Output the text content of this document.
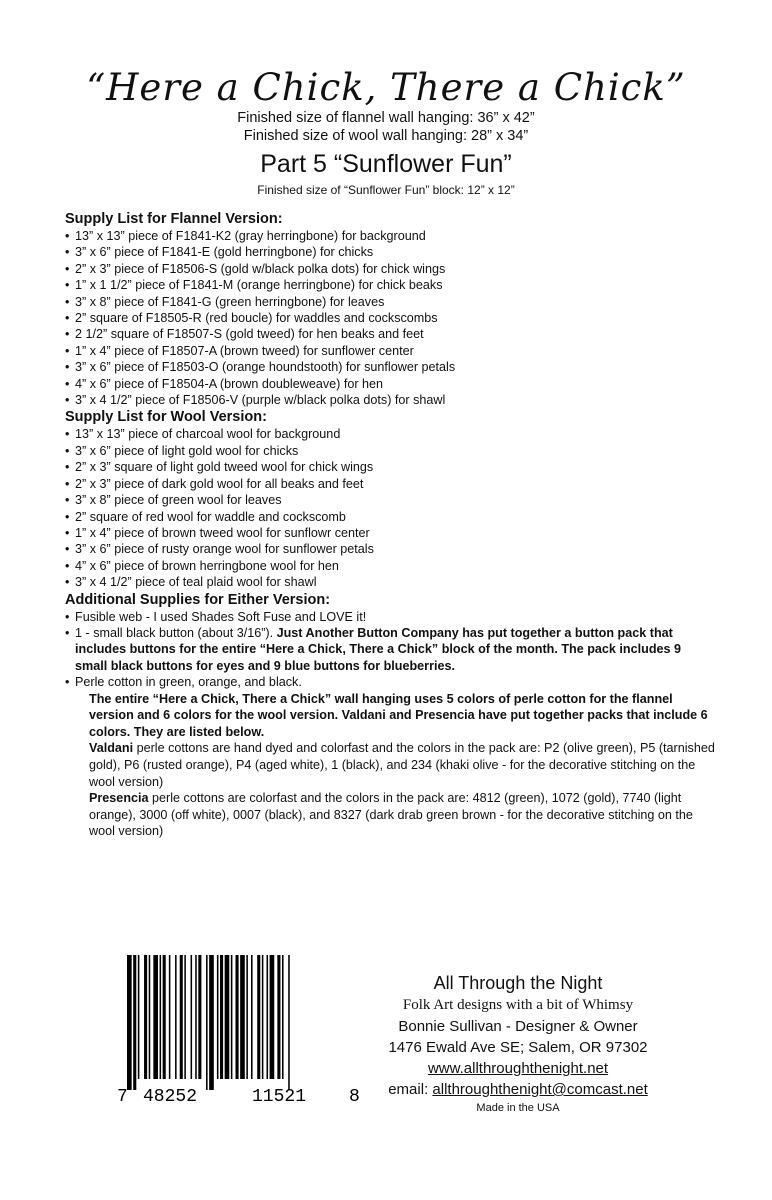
“Here a Chick, There a Chick”
Finished size of flannel wall hanging: 36” x 42”
Finished size of wool wall hanging: 28” x 34”
Part 5 “Sunflower Fun”
Finished size of “Sunflower Fun” block: 12” x 12”
Supply List for Flannel Version:
• 13” x 13” piece of F1841-K2 (gray herringbone) for background
• 3” x 6” piece of F1841-E (gold herringbone) for chicks
• 2” x 3” piece of F18506-S (gold w/black polka dots) for chick wings
• 1” x 1 1/2” piece of F1841-M (orange herringbone) for chick beaks
• 3” x 8” piece of F1841-G (green herringbone) for leaves
• 2” square of F18505-R (red boucle) for waddles and cockscombs
• 2 1/2” square of F18507-S (gold tweed) for hen beaks and feet
• 1” x 4” piece of F18507-A (brown tweed) for sunflower center
• 3” x 6” piece of F18503-O (orange houndstooth) for sunflower petals
• 4” x 6” piece of F18504-A (brown doubleweave) for hen
• 3” x 4 1/2” piece of F18506-V (purple w/black polka dots) for shawl
Supply List for Wool Version:
• 13” x 13” piece of charcoal wool for background
• 3” x 6” piece of light gold wool for chicks
• 2” x 3” square of light gold tweed wool for chick wings
• 2” x 3” piece of dark gold wool for all beaks and feet
• 3” x 8” piece of green wool for leaves
• 2” square of red wool for waddle and cockscomb
• 1” x 4” piece of brown tweed wool for sunflowr center
• 3” x 6” piece of rusty orange wool for sunflower petals
• 4” x 6” piece of brown herringbone wool for hen
• 3” x 4 1/2” piece of teal plaid wool for shawl
Additional Supplies for Either Version:
• Fusible web - I used Shades Soft Fuse and LOVE it!
• 1 - small black button (about 3/16”). Just Another Button Company has put together a button pack that includes buttons for the entire “Here a Chick, There a Chick” block of the month. The pack includes 9 small black buttons for eyes and 9 blue buttons for blueberries.
• Perle cotton in green, orange, and black.
The entire “Here a Chick, There a Chick” wall hanging uses 5 colors of perle cotton for the flannel version and 6 colors for the wool version. Valdani and Presencia have put together packs that include 6 colors. They are listed below.
Valdani perle cottons are hand dyed and colorfast and the colors in the pack are: P2 (olive green), P5 (tarnished gold), P6 (rusted orange), P4 (aged white), 1 (black), and 234 (khaki olive - for the decorative stitching on the wool version)
Presencia perle cottons are colorfast and the colors in the pack are: 4812 (green), 1072 (gold), 7740 (light orange), 3000 (off white), 0007 (black), and 8327 (dark drab green brown - for the decorative stitching on the wool version)
7 48252	11521 8
All Through the Night
Folk Art designs with a bit of Whimsy
Bonnie Sullivan - Designer & Owner
1476 Ewald Ave SE; Salem, OR 97302
www.allthroughthenight.net
email: allthroughthenight@comcast.net
Made in the USA
